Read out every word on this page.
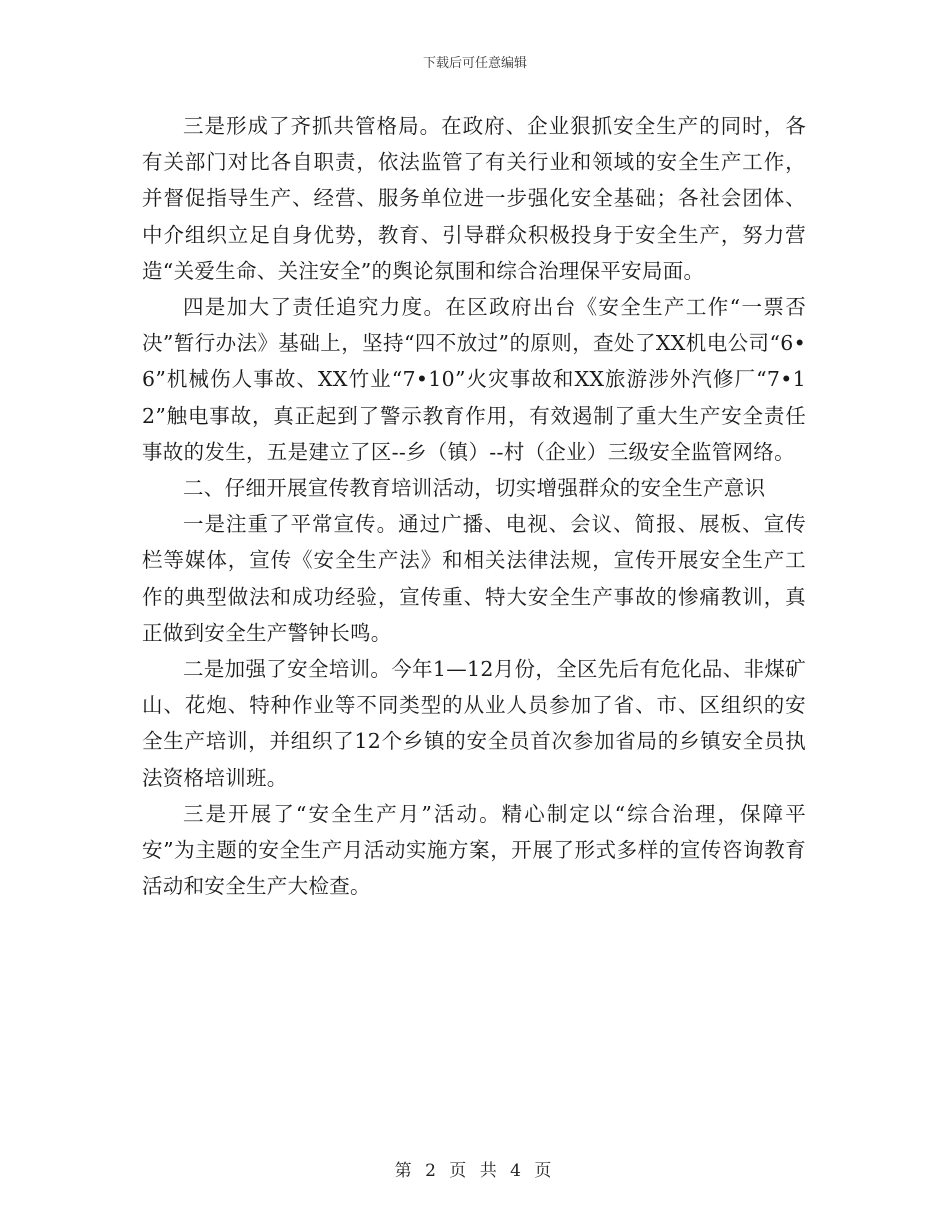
下载后可任意编辑

三是形成了齐抓共管格局。在政府、企业狠抓安全生产的同时，各有关部门对比各自职责，依法监管了有关行业和领域的安全生产工作，并督促指导生产、经营、服务单位进一步强化安全基础；各社会团体、中介组织立足自身优势，教育、引导群众积极投身于安全生产，努力营造“关爱生命、关注安全”的舆论氛围和综合治理保平安局面。

四是加大了责任追究力度。在区政府出台《安全生产工作“一票否决”暂行办法》基础上，坚持“四不放过”的原则，查处了XX机电公司“6•6”机械伤人事故、XX竹业“7•10”火灾事故和XX旅游涉外汽修厂“7•12”触电事故，真正起到了警示教育作用，有效遏制了重大生产安全责任事故的发生，五是建立了区--乡（镇）--村（企业）三级安全监管网络。

二、仔细开展宣传教育培训活动，切实增强群众的安全生产意识

一是注重了平常宣传。通过广播、电视、会议、简报、展板、宣传栏等媒体，宣传《安全生产法》和相关法律法规，宣传开展安全生产工作的典型做法和成功经验，宣传重、特大安全生产事故的惨痛教训，真正做到安全生产警钟长鸣。

二是加强了安全培训。今年1—12月份，全区先后有危化品、非煤矿山、花炮、特种作业等不同类型的从业人员参加了省、市、区组织的安全生产培训，并组织了12个乡镇的安全员首次参加省局的乡镇安全员执法资格培训班。

三是开展了“安全生产月”活动。精心制定以“综合治理，保障平安”为主题的安全生产月活动实施方案，开展了形式多样的宣传咨询教育活动和安全生产大检查。

第 2 页 共 4 页
